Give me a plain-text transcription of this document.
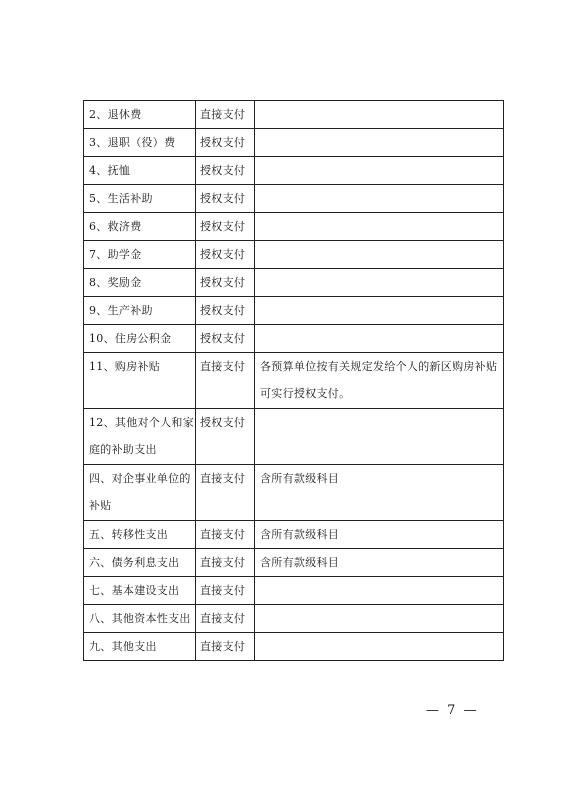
2、退休费	直接支付	
3、退职（役）费	授权支付	
4、抚恤	授权支付	
5、生活补助	授权支付	
6、救济费	授权支付	
7、助学金	授权支付	
8、奖励金	授权支付	
9、生产补助	授权支付	
10、住房公积金	授权支付	
11、购房补贴	直接支付	各预算单位按有关规定发给个人的新区购房补贴可实行授权支付。
12、其他对个人和家庭的补助支出	授权支付	
四、对企事业单位的补贴	直接支付	含所有款级科目
五、转移性支出	直接支付	含所有款级科目
六、债务利息支出	直接支付	含所有款级科目
七、基本建设支出	直接支付	
八、其他资本性支出	直接支付	
九、其他支出	直接支付	
— 7 —
